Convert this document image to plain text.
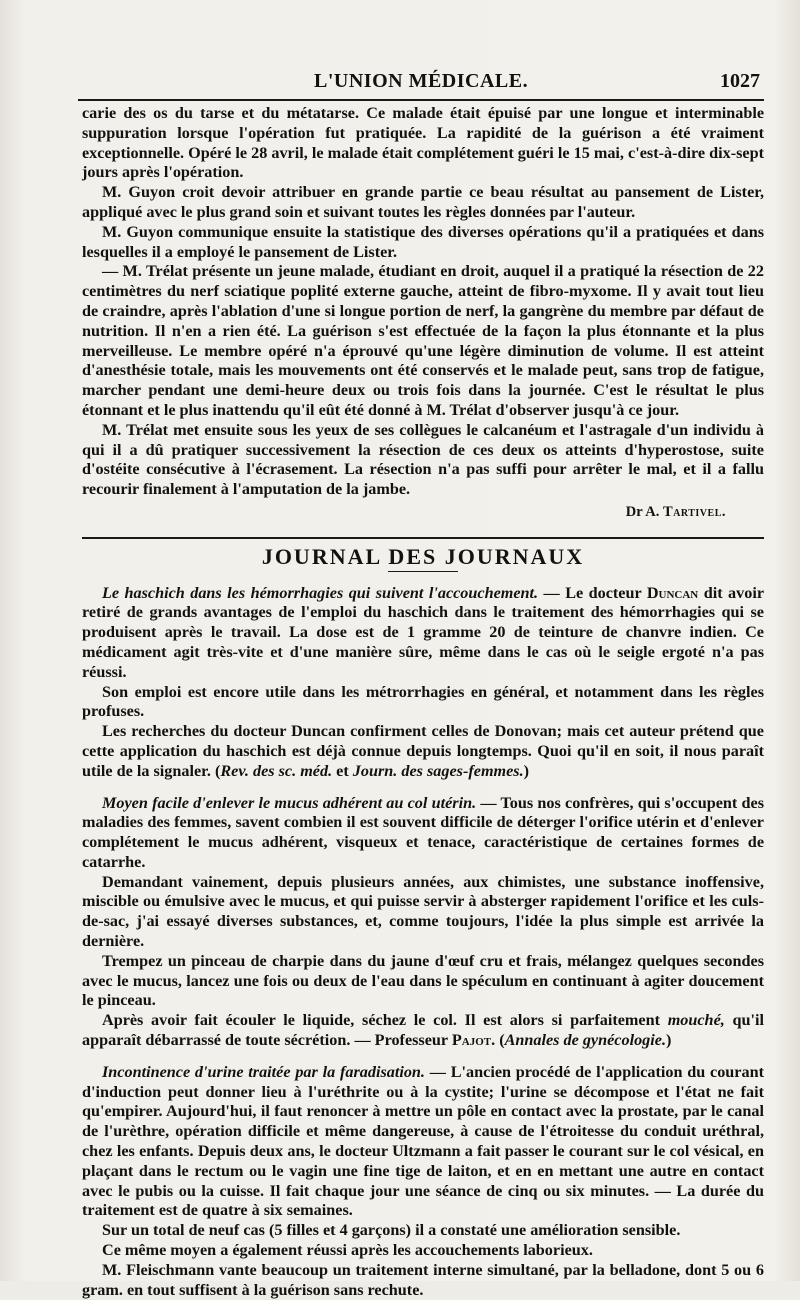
L'UNION MÉDICALE.	1027

carie des os du tarse et du métatarse. Ce malade était épuisé par une longue et interminable suppuration lorsque l'opération fut pratiquée. La rapidité de la guérison a été vraiment exceptionnelle. Opéré le 28 avril, le malade était complétement guéri le 15 mai, c'est-à-dire dix-sept jours après l'opération.

M. Guyon croit devoir attribuer en grande partie ce beau résultat au pansement de Lister, appliqué avec le plus grand soin et suivant toutes les règles données par l'auteur.

M. Guyon communique ensuite la statistique des diverses opérations qu'il a pratiquées et dans lesquelles il a employé le pansement de Lister.

— M. Trélat présente un jeune malade, étudiant en droit, auquel il a pratiqué la résection de 22 centimètres du nerf sciatique poplité externe gauche, atteint de fibro-myxome. Il y avait tout lieu de craindre, après l'ablation d'une si longue portion de nerf, la gangrène du membre par défaut de nutrition. Il n'en a rien été. La guérison s'est effectuée de la façon la plus étonnante et la plus merveilleuse. Le membre opéré n'a éprouvé qu'une légère diminution de volume. Il est atteint d'anesthésie totale, mais les mouvements ont été conservés et le malade peut, sans trop de fatigue, marcher pendant une demi-heure deux ou trois fois dans la journée. C'est le résultat le plus étonnant et le plus inattendu qu'il eût été donné à M. Trélat d'observer jusqu'à ce jour.

M. Trélat met ensuite sous les yeux de ses collègues le calcanéum et l'astragale d'un individu à qui il a dû pratiquer successivement la résection de ces deux os atteints d'hyperostose, suite d'ostéite consécutive à l'écrasement. La résection n'a pas suffi pour arrêter le mal, et il a fallu recourir finalement à l'amputation de la jambe.

Dr A. Tartivel.

JOURNAL DES JOURNAUX

Le haschich dans les hémorrhagies qui suivent l'accouchement. — Le docteur Duncan dit avoir retiré de grands avantages de l'emploi du haschich dans le traitement des hémorrhagies qui se produisent après le travail. La dose est de 1 gramme 20 de teinture de chanvre indien. Ce médicament agit très-vite et d'une manière sûre, même dans le cas où le seigle ergoté n'a pas réussi.

Son emploi est encore utile dans les métrorrhagies en général, et notamment dans les règles profuses.

Les recherches du docteur Duncan confirment celles de Donovan; mais cet auteur prétend que cette application du haschich est déjà connue depuis longtemps. Quoi qu'il en soit, il nous paraît utile de la signaler. (Rev. des sc. méd. et Journ. des sages-femmes.)

Moyen facile d'enlever le mucus adhérent au col utérin. — Tous nos confrères, qui s'occupent des maladies des femmes, savent combien il est souvent difficile de déterger l'orifice utérin et d'enlever complétement le mucus adhérent, visqueux et tenace, caractéristique de certaines formes de catarrhe.

Demandant vainement, depuis plusieurs années, aux chimistes, une substance inoffensive, miscible ou émulsive avec le mucus, et qui puisse servir à absterger rapidement l'orifice et les culs-de-sac, j'ai essayé diverses substances, et, comme toujours, l'idée la plus simple est arrivée la dernière.

Trempez un pinceau de charpie dans du jaune d'œuf cru et frais, mélangez quelques secondes avec le mucus, lancez une fois ou deux de l'eau dans le spéculum en continuant à agiter doucement le pinceau.

Après avoir fait écouler le liquide, séchez le col. Il est alors si parfaitement mouché, qu'il apparaît débarrassé de toute sécrétion. — Professeur Pajot. (Annales de gynécologie.)

Incontinence d'urine traitée par la faradisation. — L'ancien procédé de l'application du courant d'induction peut donner lieu à l'uréthrite ou à la cystite; l'urine se décompose et l'état ne fait qu'empirer. Aujourd'hui, il faut renoncer à mettre un pôle en contact avec la prostate, par le canal de l'urèthre, opération difficile et même dangereuse, à cause de l'étroitesse du conduit uréthral, chez les enfants. Depuis deux ans, le docteur Ultzmann a fait passer le courant sur le col vésical, en plaçant dans le rectum ou le vagin une fine tige de laiton, et en en mettant une autre en contact avec le pubis ou la cuisse. Il fait chaque jour une séance de cinq ou six minutes. — La durée du traitement est de quatre à six semaines.

Sur un total de neuf cas (5 filles et 4 garçons) il a constaté une amélioration sensible.

Ce même moyen a également réussi après les accouchements laborieux.

M. Fleischmann vante beaucoup un traitement interne simultané, par la belladone, dont 5 ou 6 gram. en tout suffisent à la guérison sans rechute.
